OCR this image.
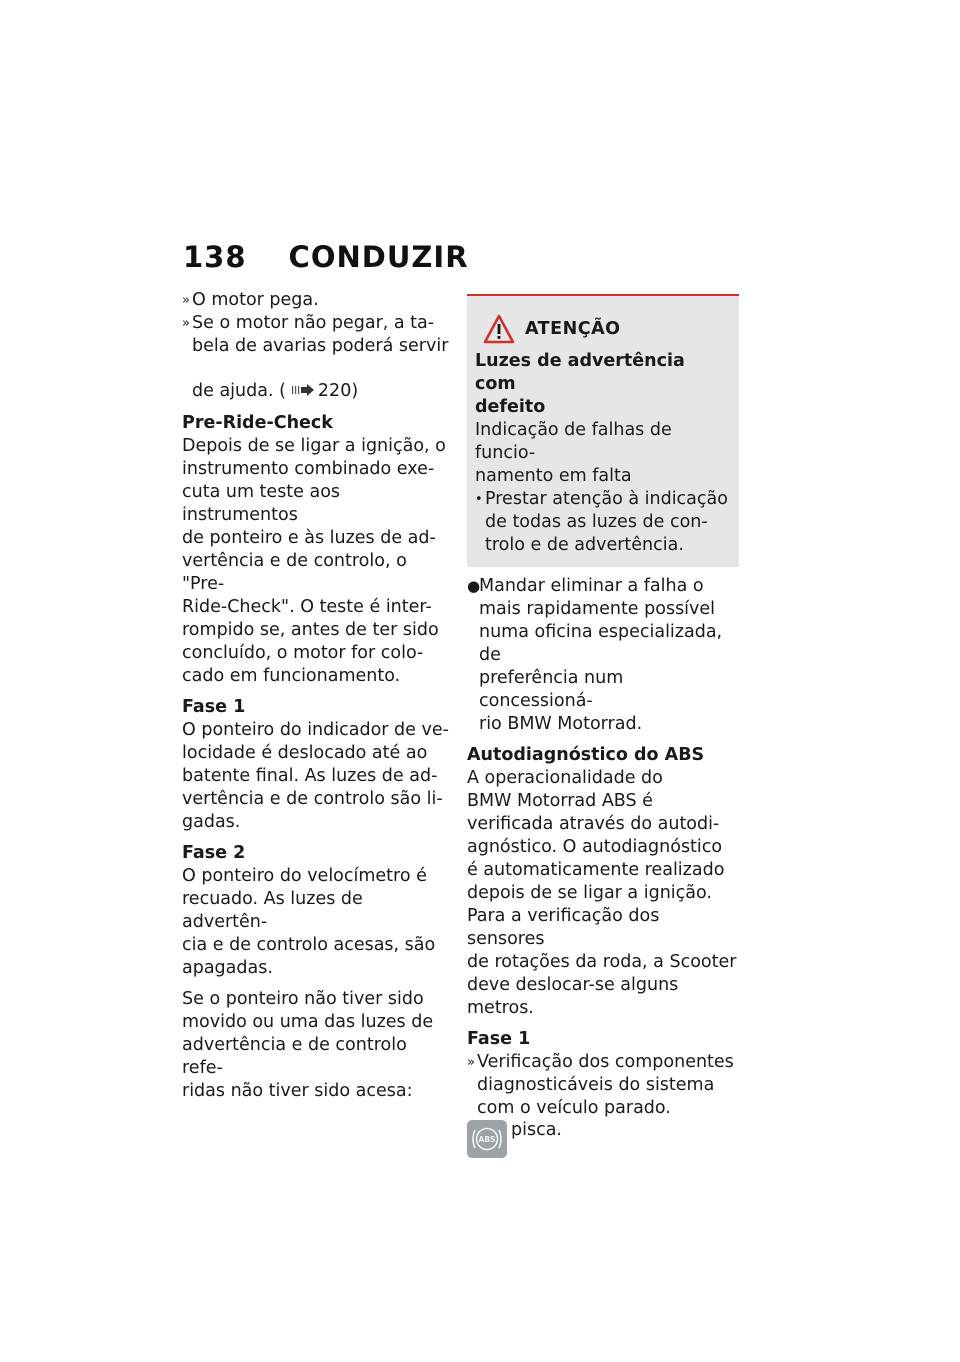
138 CONDUZIR
» O motor pega.
» Se o motor não pegar, a ta-
bela de avarias poderá servir
de ajuda. ( 220)
Pre-Ride-Check
Depois de se ligar a ignição, o
instrumento combinado exe-
cuta um teste aos instrumentos
de ponteiro e às luzes de ad-
vertência e de controlo, o "Pre-
Ride-Check". O teste é inter-
rompido se, antes de ter sido
concluído, o motor for colo-
cado em funcionamento.
Fase 1
O ponteiro do indicador de ve-
locidade é deslocado até ao
batente final. As luzes de ad-
vertência e de controlo são li-
gadas.
Fase 2
O ponteiro do velocímetro é
recuado. As luzes de advertên-
cia e de controlo acesas, são
apagadas.
Se o ponteiro não tiver sido
movido ou uma das luzes de
advertência e de controlo refe-
ridas não tiver sido acesa:
ATENÇÃO
Luzes de advertência com
defeito
Indicação de falhas de funcio-
namento em falta
• Prestar atenção à indicação
de todas as luzes de con-
trolo e de advertência.
●
Mandar eliminar a falha o
mais rapidamente possível
numa oficina especializada, de
preferência num concessioná-
rio BMW Motorrad.
Autodiagnóstico do ABS
A operacionalidade do
BMW Motorrad ABS é
verificada através do autodi-
agnóstico. O autodiagnóstico
é automaticamente realizado
depois de se ligar a ignição.
Para a verificação dos sensores
de rotações da roda, a Scooter
deve deslocar-se alguns
metros.
Fase 1
» Verificação dos componentes
diagnosticáveis do sistema
com o veículo parado.
ABS pisca.
